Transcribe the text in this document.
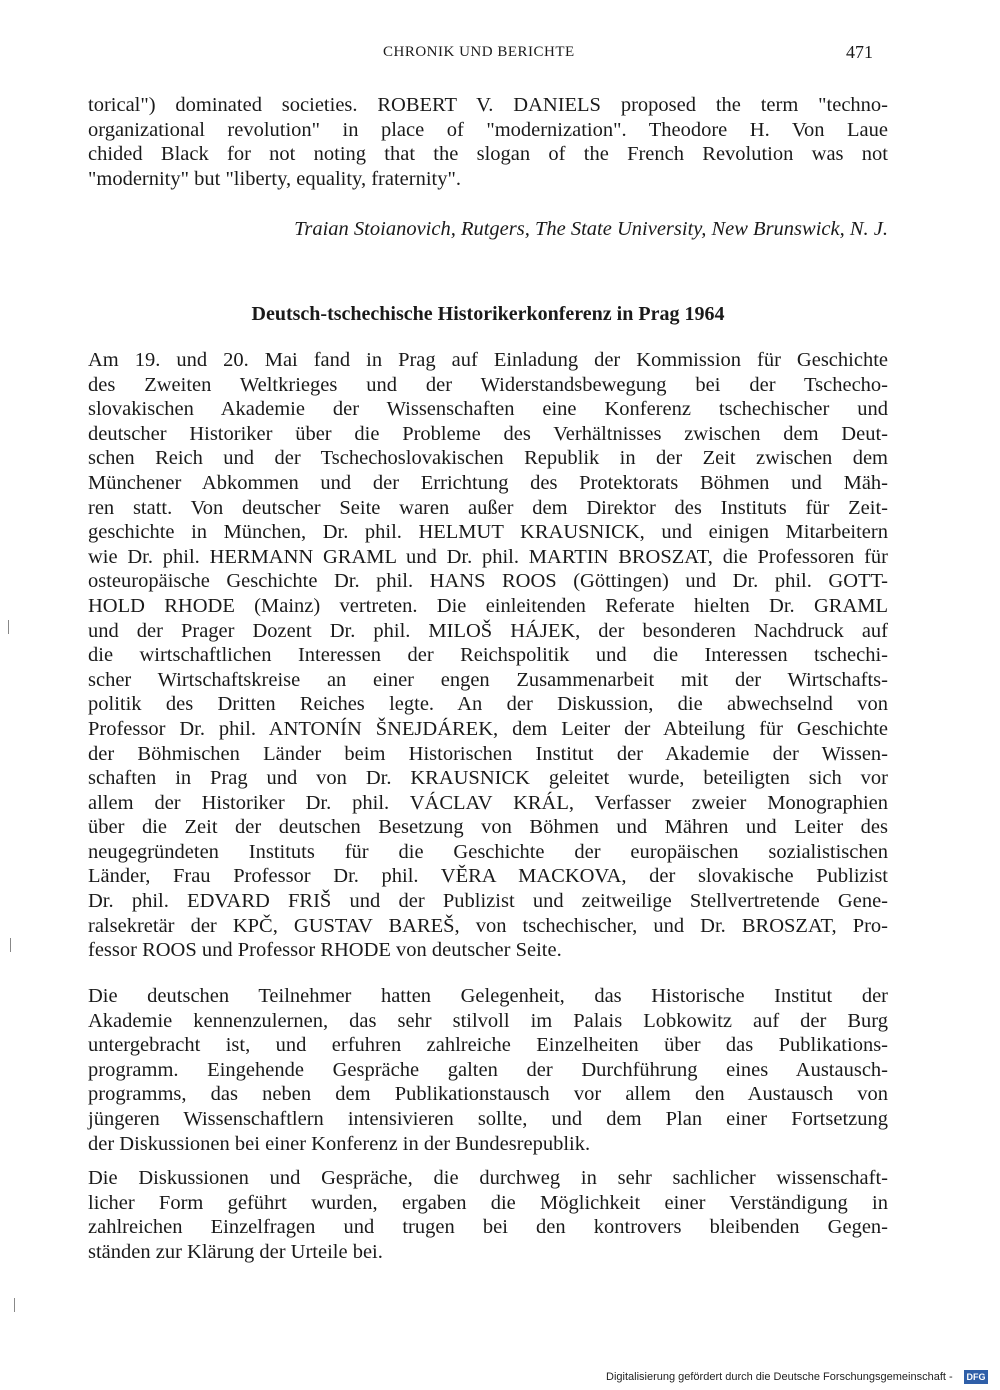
CHRONIK UND BERICHTE	471
torical") dominated societies. ROBERT V. DANIELS proposed the term "techno-
organizational revolution" in place of "modernization". Theodore H. Von Laue
chided Black for not noting that the slogan of the French Revolution was not
"modernity" but "liberty, equality, fraternity".
Traian Stoianovich, Rutgers, The State University, New Brunswick, N. J.
Deutsch-tschechische Historikerkonferenz in Prag 1964
Am 19. und 20. Mai fand in Prag auf Einladung der Kommission für Geschichte
des Zweiten Weltkrieges und der Widerstandsbewegung bei der Tschecho-
slovakischen Akademie der Wissenschaften eine Konferenz tschechischer und
deutscher Historiker über die Probleme des Verhältnisses zwischen dem Deut-
schen Reich und der Tschechoslovakischen Republik in der Zeit zwischen dem
Münchener Abkommen und der Errichtung des Protektorats Böhmen und Mäh-
ren statt. Von deutscher Seite waren außer dem Direktor des Instituts für Zeit-
geschichte in München, Dr. phil. HELMUT KRAUSNICK, und einigen Mitarbeitern
wie Dr. phil. HERMANN GRAML und Dr. phil. MARTIN BROSZAT, die Professoren für
osteuropäische Geschichte Dr. phil. HANS ROOS (Göttingen) und Dr. phil. GOTT-
HOLD RHODE (Mainz) vertreten. Die einleitenden Referate hielten Dr. GRAML
und der Prager Dozent Dr. phil. MILOŠ HÁJEK, der besonderen Nachdruck auf
die wirtschaftlichen Interessen der Reichspolitik und die Interessen tschechi-
scher Wirtschaftskreise an einer engen Zusammenarbeit mit der Wirtschafts-
politik des Dritten Reiches legte. An der Diskussion, die abwechselnd von
Professor Dr. phil. ANTONÍN ŠNEJDÁREK, dem Leiter der Abteilung für Geschichte
der Böhmischen Länder beim Historischen Institut der Akademie der Wissen-
schaften in Prag und von Dr. KRAUSNICK geleitet wurde, beteiligten sich vor
allem der Historiker Dr. phil. VÁCLAV KRÁL, Verfasser zweier Monographien
über die Zeit der deutschen Besetzung von Böhmen und Mähren und Leiter des
neugegründeten Instituts für die Geschichte der europäischen sozialistischen
Länder, Frau Professor Dr. phil. VĚRA MACKOVA, der slovakische Publizist
Dr. phil. EDVARD FRIŠ und der Publizist und zeitweilige Stellvertretende Gene-
ralsekretär der KPČ, GUSTAV BAREŠ, von tschechischer, und Dr. BROSZAT, Pro-
fessor ROOS und Professor RHODE von deutscher Seite.
Die deutschen Teilnehmer hatten Gelegenheit, das Historische Institut der
Akademie kennenzulernen, das sehr stilvoll im Palais Lobkowitz auf der Burg
untergebracht ist, und erfuhren zahlreiche Einzelheiten über das Publikations-
programm. Eingehende Gespräche galten der Durchführung eines Austausch-
programms, das neben dem Publikationstausch vor allem den Austausch von
jüngeren Wissenschaftlern intensivieren sollte, und dem Plan einer Fortsetzung
der Diskussionen bei einer Konferenz in der Bundesrepublik.
Die Diskussionen und Gespräche, die durchweg in sehr sachlicher wissenschaft-
licher Form geführt wurden, ergaben die Möglichkeit einer Verständigung in
zahlreichen Einzelfragen und trugen bei den kontrovers bleibenden Gegen-
ständen zur Klärung der Urteile bei.
Digitalisierung gefördert durch die Deutsche Forschungsgemeinschaft - DFG
